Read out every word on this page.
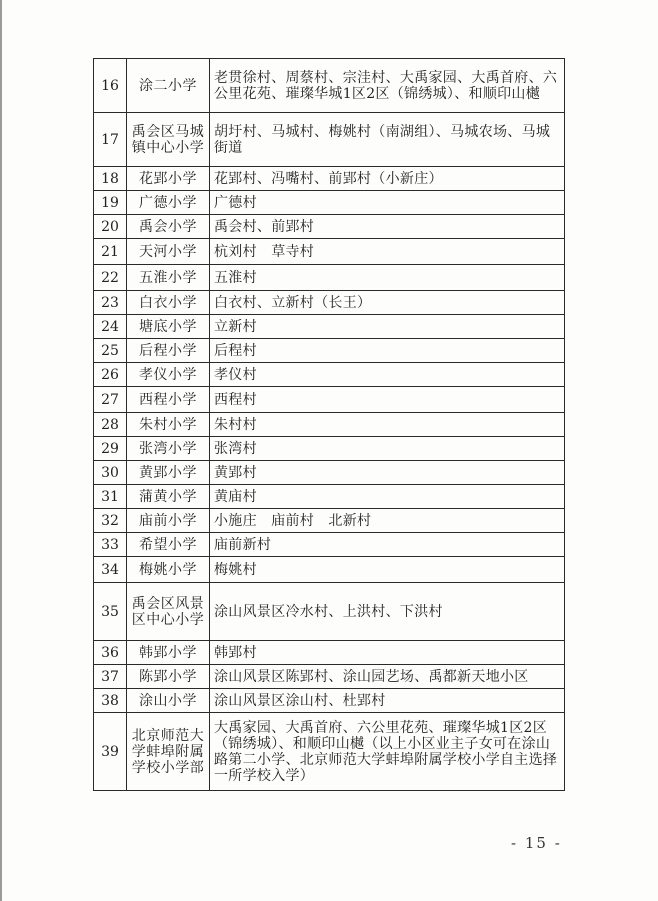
16	涂二小学	老贯徐村、周蔡村、宗洼村、大禹家园、大禹首府、六公里花苑、璀璨华城1区2区（锦绣城）、和顺印山樾
17	禹会区马城镇中心小学	胡圩村、马城村、梅姚村（南湖组）、马城农场、马城街道
18	花郢小学	花郢村、冯嘴村、前郢村（小新庄）
19	广德小学	广德村
20	禹会小学	禹会村、前郢村
21	天河小学	杭刘村　草寺村
22	五淮小学	五淮村
23	白衣小学	白衣村、立新村（长王）
24	塘底小学	立新村
25	后程小学	后程村
26	孝仪小学	孝仪村
27	西程小学	西程村
28	朱村小学	朱村村
29	张湾小学	张湾村
30	黄郢小学	黄郢村
31	蒲黄小学	黄庙村
32	庙前小学	小施庄　庙前村　北新村
33	希望小学	庙前新村
34	梅姚小学	梅姚村
35	禹会区风景区中心小学	涂山风景区冷水村、上洪村、下洪村
36	韩郢小学	韩郢村
37	陈郢小学	涂山风景区陈郢村、涂山园艺场、禹都新天地小区
38	涂山小学	涂山风景区涂山村、杜郢村
39	北京师范大学蚌埠附属学校小学部	大禹家园、大禹首府、六公里花苑、璀璨华城1区2区（锦绣城）、和顺印山樾（以上小区业主子女可在涂山路第二小学、北京师范大学蚌埠附属学校小学自主选择一所学校入学）
- 15 -
